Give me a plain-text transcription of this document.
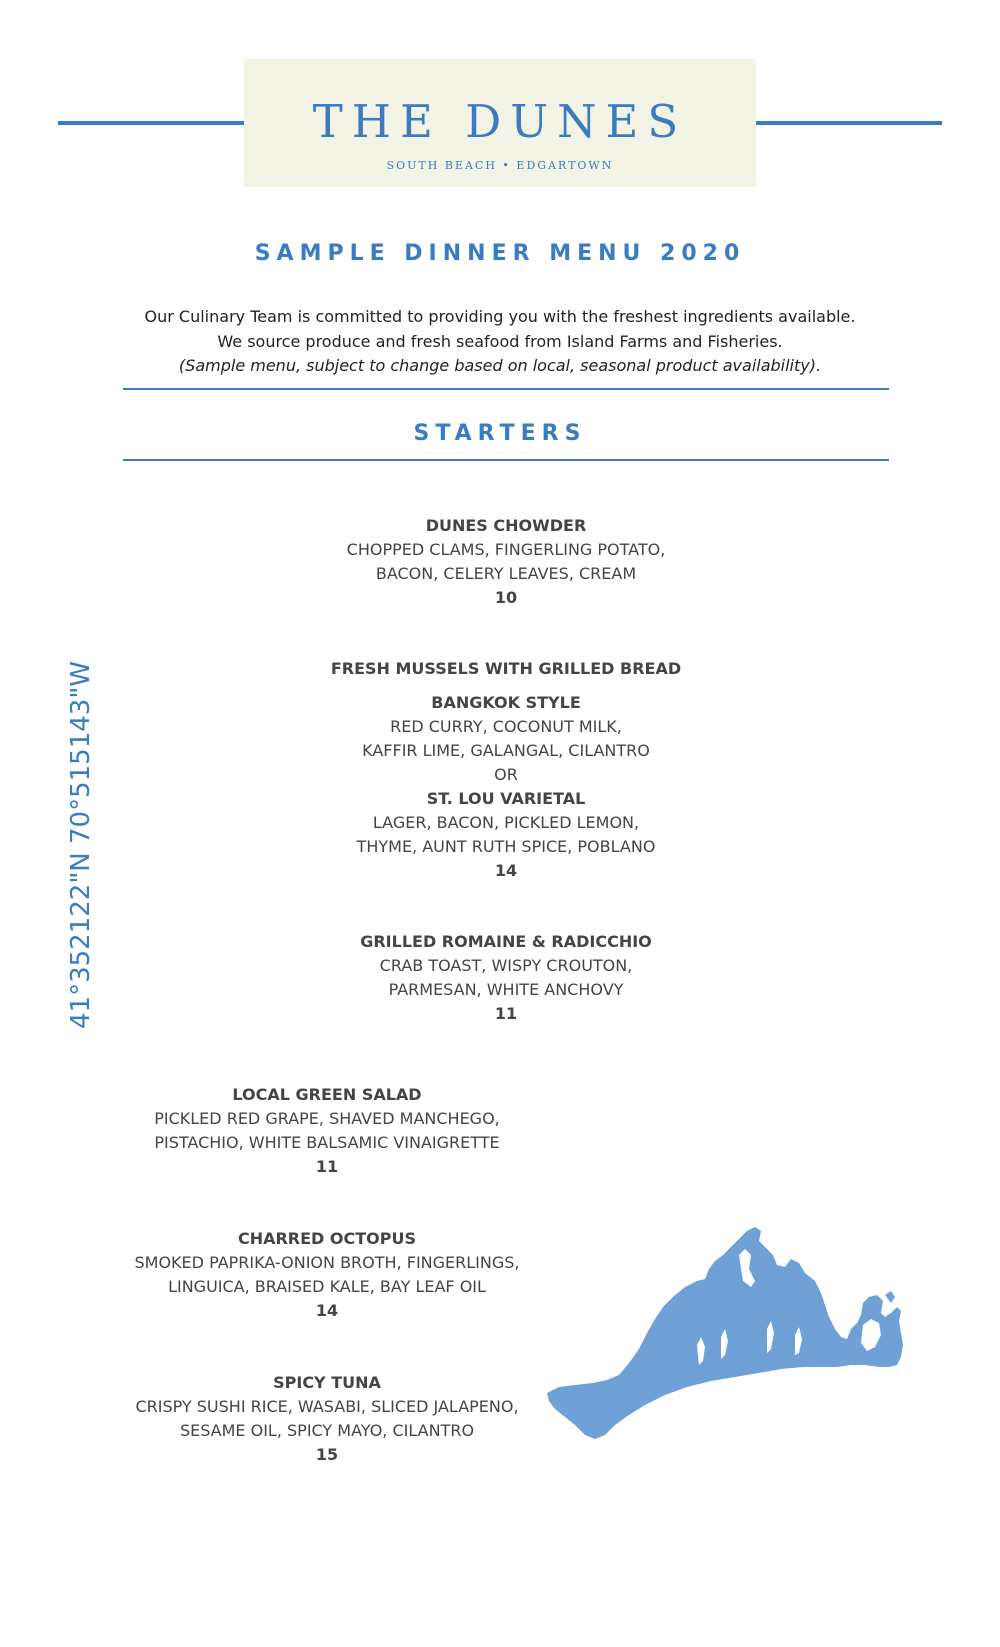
THE DUNES
SOUTH BEACH • EDGARTOWN
SAMPLE DINNER MENU 2020
Our Culinary Team is committed to providing you with the freshest ingredients available.
We source produce and fresh seafood from Island Farms and Fisheries.
(Sample menu, subject to change based on local, seasonal product availability).
STARTERS
41°352122"N 70°515143"W
DUNES CHOWDER
CHOPPED CLAMS, FINGERLING POTATO,
BACON, CELERY LEAVES, CREAM
10
FRESH MUSSELS WITH GRILLED BREAD
BANGKOK STYLE
RED CURRY, COCONUT MILK,
KAFFIR LIME, GALANGAL, CILANTRO
OR
ST. LOU VARIETAL
LAGER, BACON, PICKLED LEMON,
THYME, AUNT RUTH SPICE, POBLANO
14
GRILLED ROMAINE & RADICCHIO
CRAB TOAST, WISPY CROUTON,
PARMESAN, WHITE ANCHOVY
11
LOCAL GREEN SALAD
PICKLED RED GRAPE, SHAVED MANCHEGO,
PISTACHIO, WHITE BALSAMIC VINAIGRETTE
11
CHARRED OCTOPUS
SMOKED PAPRIKA-ONION BROTH, FINGERLINGS,
LINGUICA, BRAISED KALE, BAY LEAF OIL
14
SPICY TUNA
CRISPY SUSHI RICE, WASABI, SLICED JALAPENO,
SESAME OIL, SPICY MAYO, CILANTRO
15
